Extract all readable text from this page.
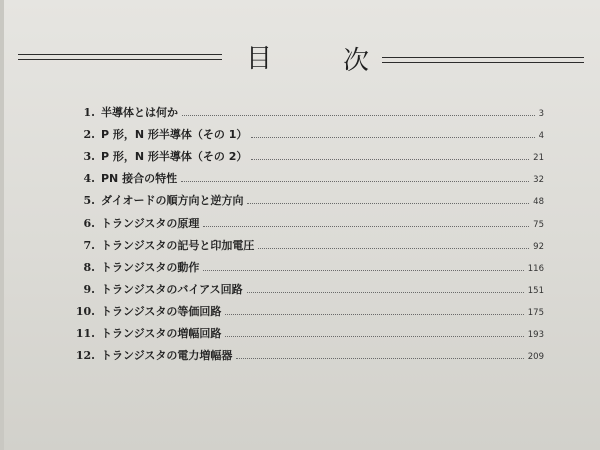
目	次
1. 半導体とは何か	3
2. P 形，N 形半導体（その 1）	4
3. P 形，N 形半導体（その 2）	21
4. PN 接合の特性	32
5. ダイオードの順方向と逆方向	48
6. トランジスタの原理	75
7. トランジスタの記号と印加電圧	92
8. トランジスタの動作	116
9. トランジスタのバイアス回路	151
10. トランジスタの等価回路	175
11. トランジスタの増幅回路	193
12. トランジスタの電力増幅器	209
